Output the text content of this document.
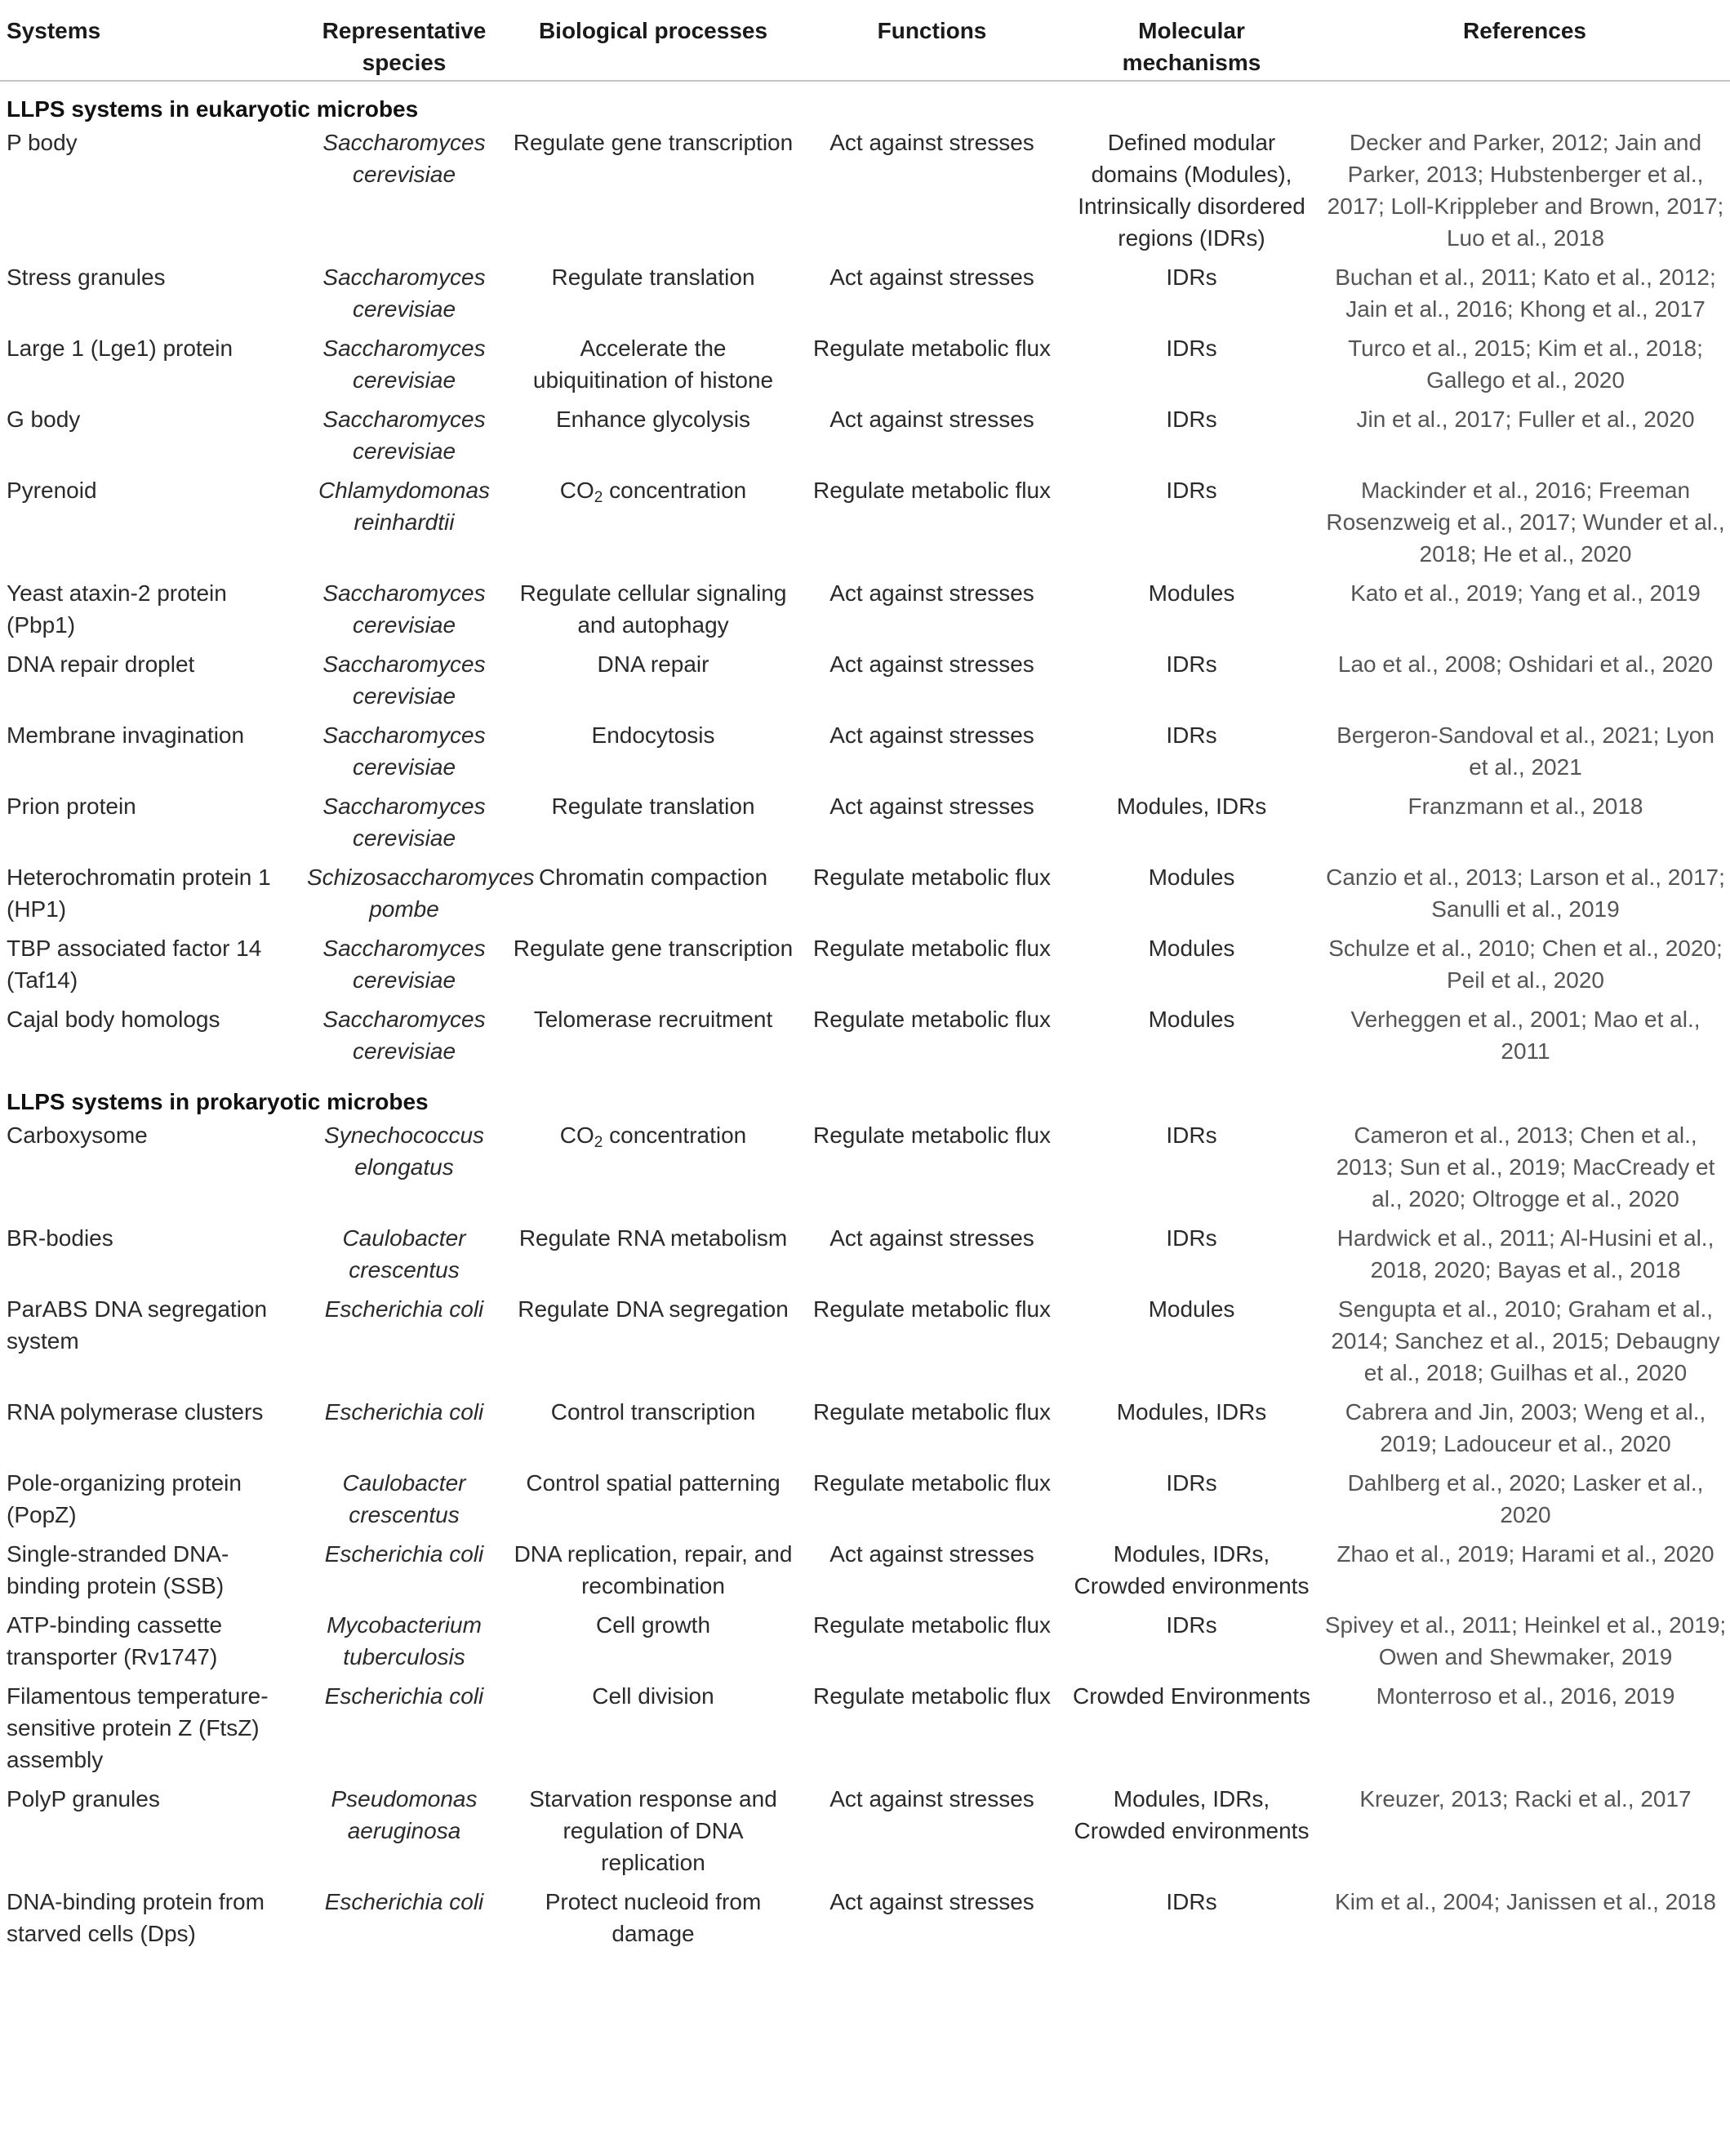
Systems	Representative species	Biological processes	Functions	Molecular mechanisms	References
LLPS systems in eukaryotic microbes					
P body	Saccharomyces cerevisiae	Regulate gene transcription	Act against stresses	Defined modular domains (Modules), Intrinsically disordered regions (IDRs)	Decker and Parker, 2012; Jain and Parker, 2013; Hubstenberger et al., 2017; Loll-Krippleber and Brown, 2017; Luo et al., 2018
Stress granules	Saccharomyces cerevisiae	Regulate translation	Act against stresses	IDRs	Buchan et al., 2011; Kato et al., 2012; Jain et al., 2016; Khong et al., 2017
Large 1 (Lge1) protein	Saccharomyces cerevisiae	Accelerate the ubiquitination of histone	Regulate metabolic flux	IDRs	Turco et al., 2015; Kim et al., 2018; Gallego et al., 2020
G body	Saccharomyces cerevisiae	Enhance glycolysis	Act against stresses	IDRs	Jin et al., 2017; Fuller et al., 2020
Pyrenoid	Chlamydomonas reinhardtii	$CO_2$ concentration	Regulate metabolic flux	IDRs	Mackinder et al., 2016; Freeman Rosenzweig et al., 2017; Wunder et al., 2018; He et al., 2020
Yeast ataxin-2 protein (Pbp1)	Saccharomyces cerevisiae	Regulate cellular signaling and autophagy	Act against stresses	Modules	Kato et al., 2019; Yang et al., 2019
DNA repair droplet	Saccharomyces cerevisiae	DNA repair	Act against stresses	IDRs	Lao et al., 2008; Oshidari et al., 2020
Membrane invagination	Saccharomyces cerevisiae	Endocytosis	Act against stresses	IDRs	Bergeron-Sandoval et al., 2021; Lyon et al., 2021
Prion protein	Saccharomyces cerevisiae	Regulate translation	Act against stresses	Modules, IDRs	Franzmann et al., 2018
Heterochromatin protein 1 (HP1)	Schizosaccharomyces pombe	Chromatin compaction	Regulate metabolic flux	Modules	Canzio et al., 2013; Larson et al., 2017; Sanulli et al., 2019
TBP associated factor 14 (Taf14)	Saccharomyces cerevisiae	Regulate gene transcription	Regulate metabolic flux	Modules	Schulze et al., 2010; Chen et al., 2020; Peil et al., 2020
Cajal body homologs	Saccharomyces cerevisiae	Telomerase recruitment	Regulate metabolic flux	Modules	Verheggen et al., 2001; Mao et al., 2011
LLPS systems in prokaryotic microbes					
Carboxysome	Synechococcus elongatus	$CO_2$ concentration	Regulate metabolic flux	IDRs	Cameron et al., 2013; Chen et al., 2013; Sun et al., 2019; MacCready et al., 2020; Oltrogge et al., 2020
BR-bodies	Caulobacter crescentus	Regulate RNA metabolism	Act against stresses	IDRs	Hardwick et al., 2011; Al-Husini et al., 2018, 2020; Bayas et al., 2018
ParABS DNA segregation system	Escherichia coli	Regulate DNA segregation	Regulate metabolic flux	Modules	Sengupta et al., 2010; Graham et al., 2014; Sanchez et al., 2015; Debaugny et al., 2018; Guilhas et al., 2020
RNA polymerase clusters	Escherichia coli	Control transcription	Regulate metabolic flux	Modules, IDRs	Cabrera and Jin, 2003; Weng et al., 2019; Ladouceur et al., 2020
Pole-organizing protein (PopZ)	Caulobacter crescentus	Control spatial patterning	Regulate metabolic flux	IDRs	Dahlberg et al., 2020; Lasker et al., 2020
Single-stranded DNA-binding protein (SSB)	Escherichia coli	DNA replication, repair, and recombination	Act against stresses	Modules, IDRs, Crowded environments	Zhao et al., 2019; Harami et al., 2020
ATP-binding cassette transporter (Rv1747)	Mycobacterium tuberculosis	Cell growth	Regulate metabolic flux	IDRs	Spivey et al., 2011; Heinkel et al., 2019; Owen and Shewmaker, 2019
Filamentous temperature-sensitive protein Z (FtsZ) assembly	Escherichia coli	Cell division	Regulate metabolic flux	Crowded Environments	Monterroso et al., 2016, 2019
PolyP granules	Pseudomonas aeruginosa	Starvation response and regulation of DNA replication	Act against stresses	Modules, IDRs, Crowded environments	Kreuzer, 2013; Racki et al., 2017
DNA-binding protein from starved cells (Dps)	Escherichia coli	Protect nucleoid from damage	Act against stresses	IDRs	Kim et al., 2004; Janissen et al., 2018
